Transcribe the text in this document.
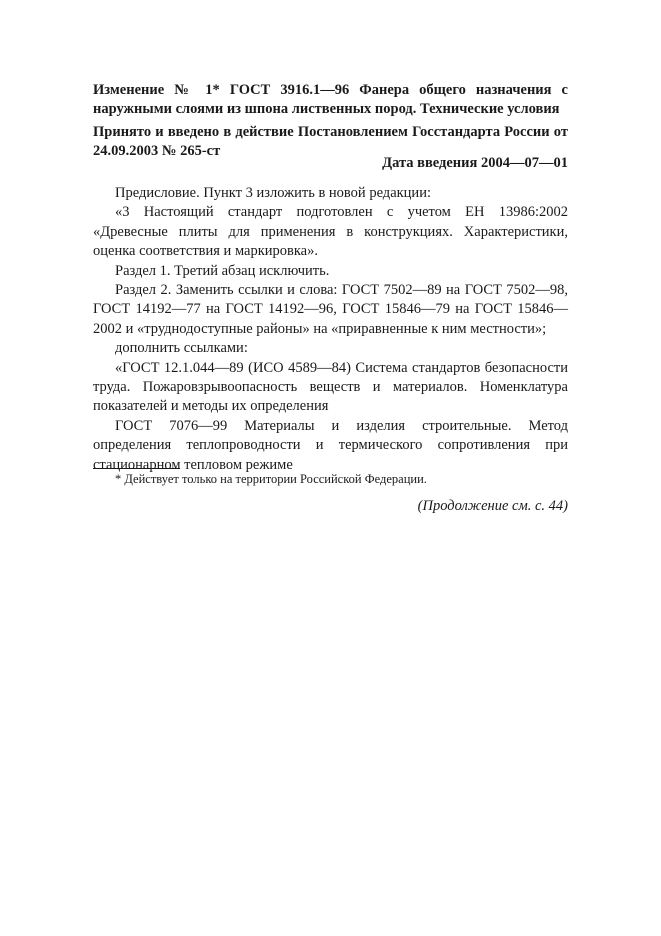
Изменение № 1* ГОСТ 3916.1—96 Фанера общего назначения с наружными слоями из шпона лиственных пород. Технические условия
Принято и введено в действие Постановлением Госстандарта России от 24.09.2003 № 265-ст
Дата введения 2004—07—01

Предисловие. Пункт 3 изложить в новой редакции:

«3 Настоящий стандарт подготовлен с учетом ЕН 13986:2002 «Древесные плиты для применения в конструкциях. Характеристики, оценка соответствия и маркировка».

Раздел 1. Третий абзац исключить.

Раздел 2. Заменить ссылки и слова: ГОСТ 7502—89 на ГОСТ 7502—98, ГОСТ 14192—77 на ГОСТ 14192—96, ГОСТ 15846—79 на ГОСТ 15846—2002 и «труднодоступные районы» на «приравненные к ним местности»;

дополнить ссылками:

«ГОСТ 12.1.044—89 (ИСО 4589—84) Система стандартов безопасности труда. Пожаровзрывоопасность веществ и материалов. Номенклатура показателей и методы их определения

ГОСТ 7076—99 Материалы и изделия строительные. Метод определения теплопроводности и термического сопротивления при стационарном тепловом режиме

* Действует только на территории Российской Федерации.
(Продолжение см. с. 44)
